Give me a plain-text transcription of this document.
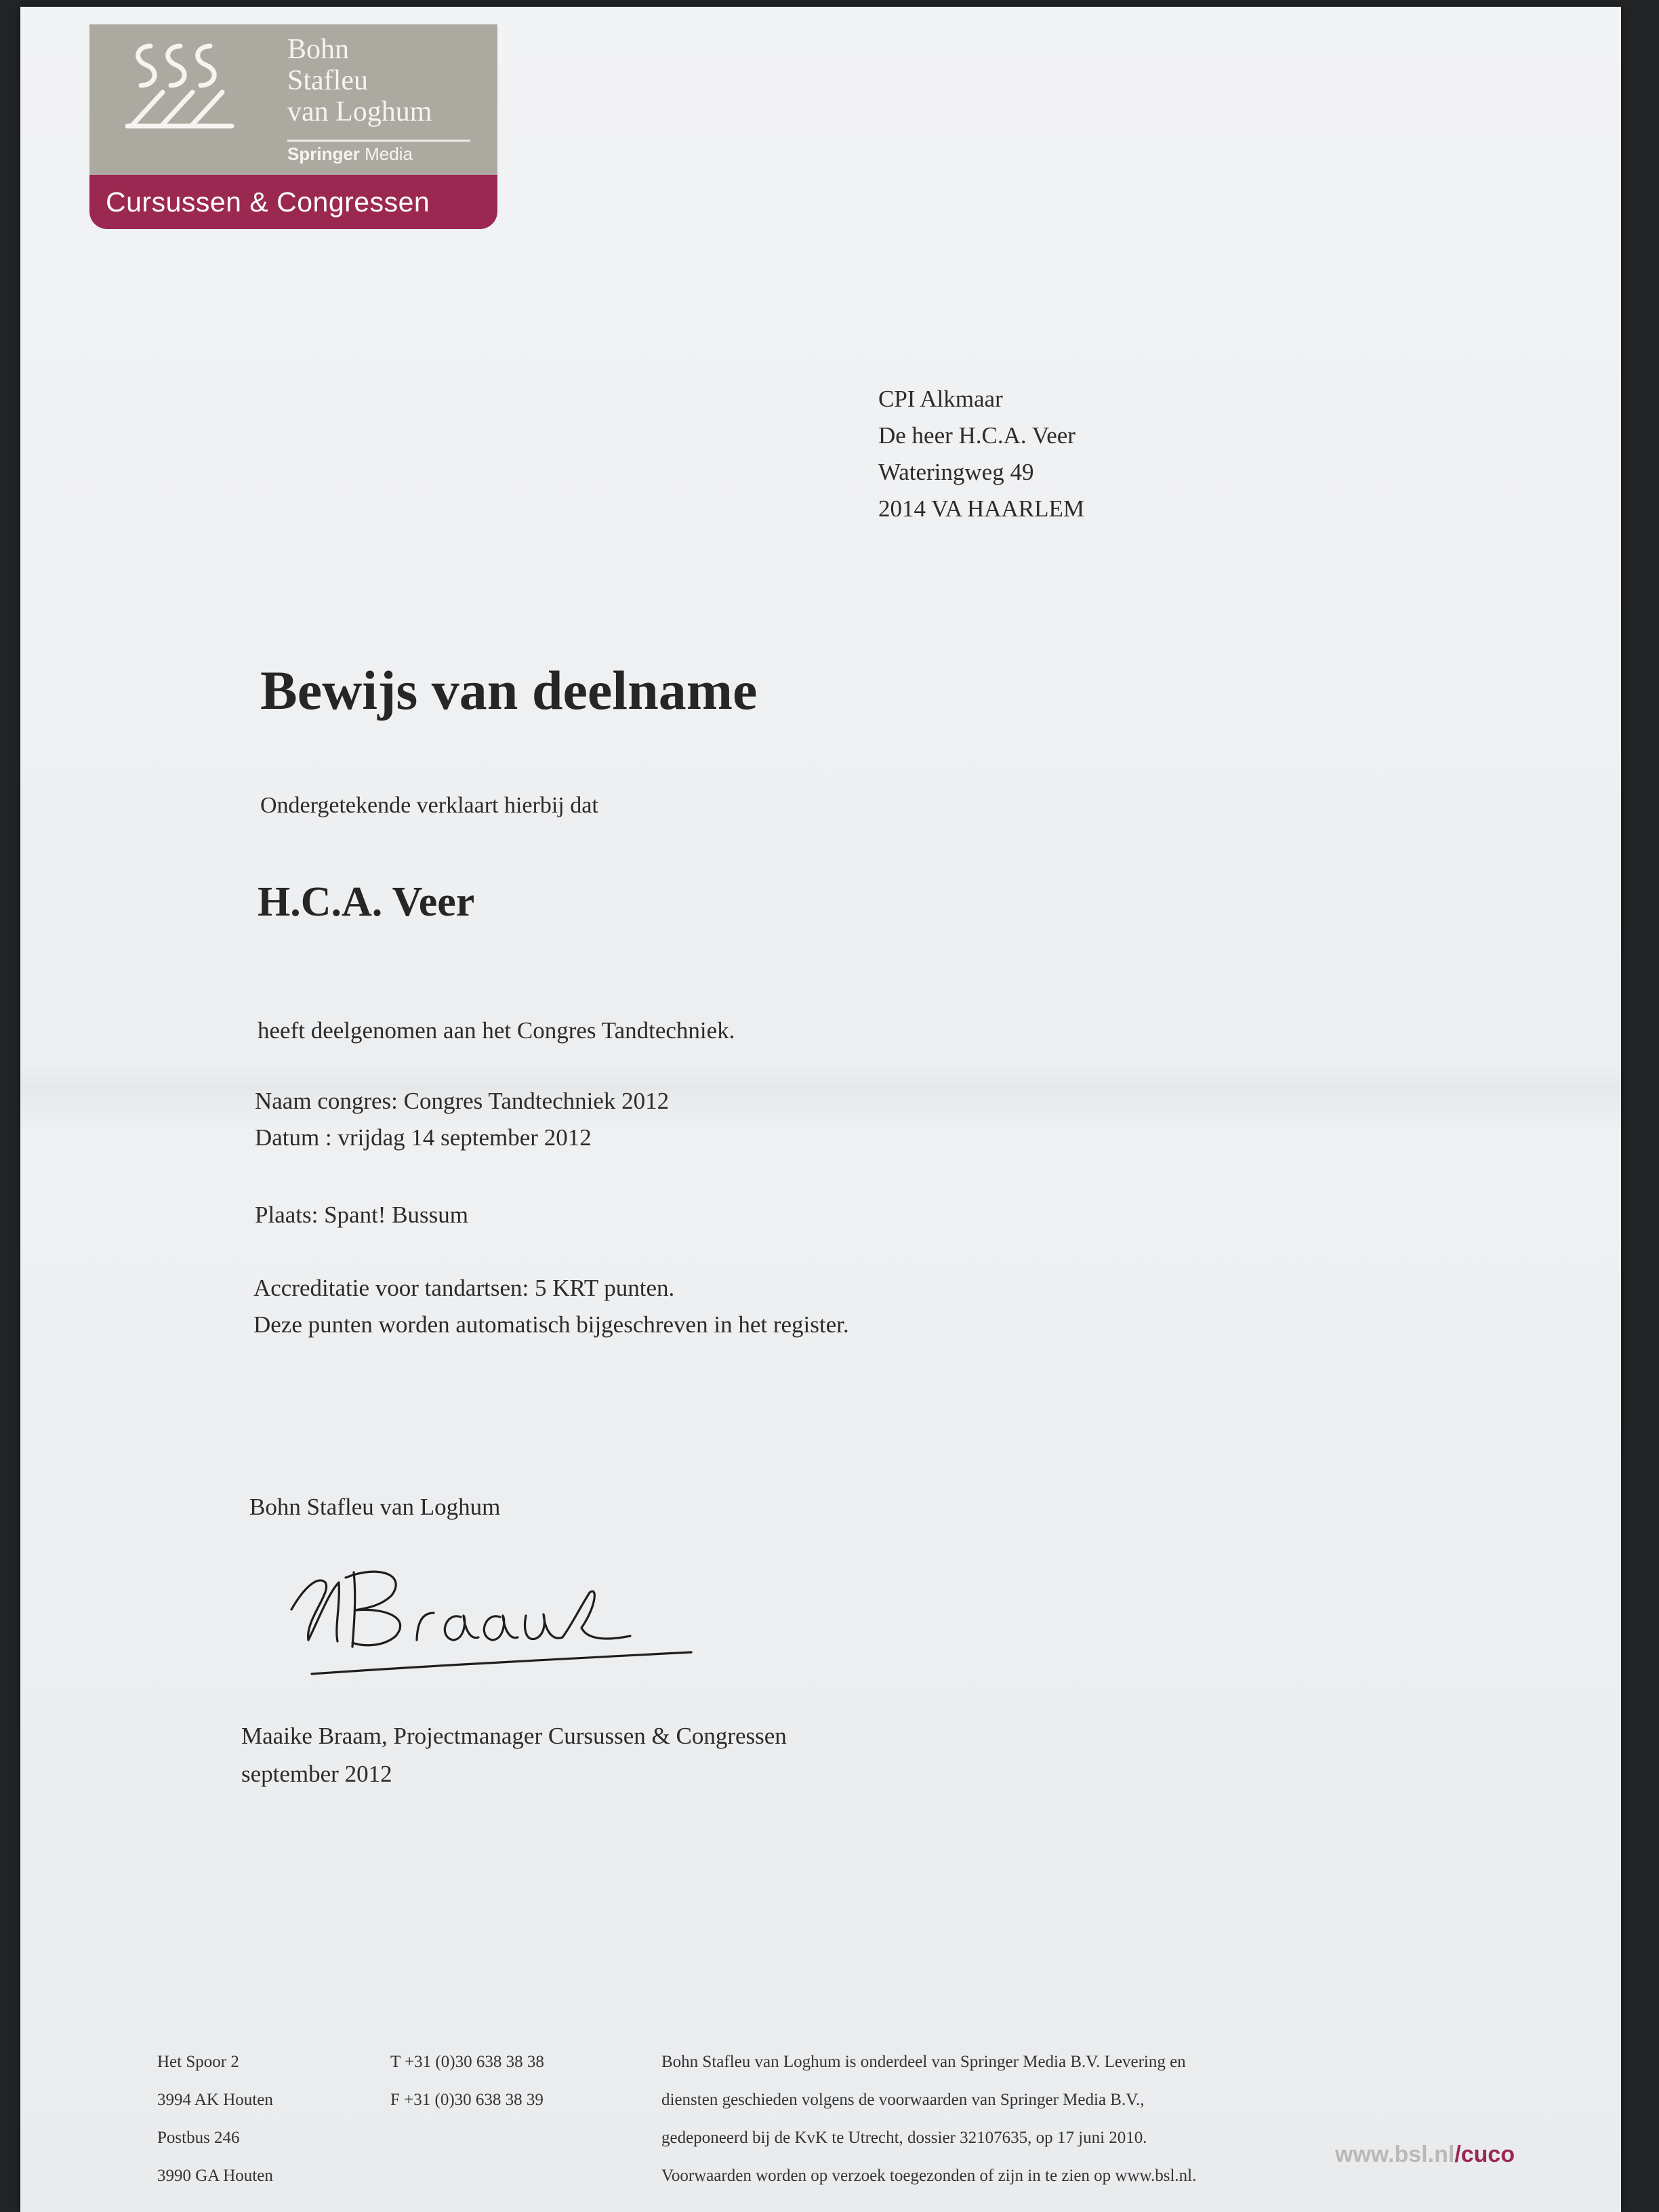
Bohn
Stafleu
van Loghum
Springer Media
Cursussen & Congressen
CPI Alkmaar
De heer H.C.A. Veer
Wateringweg 49
2014 VA HAARLEM
Bewijs van deelname
Ondergetekende verklaart hierbij dat
H.C.A. Veer
heeft deelgenomen aan het Congres Tandtechniek.
Naam congres: Congres Tandtechniek 2012
Datum : vrijdag 14 september 2012
Plaats: Spant! Bussum
Accreditatie voor tandartsen: 5 KRT punten.
Deze punten worden automatisch bijgeschreven in het register.
Bohn Stafleu van Loghum
Maaike Braam, Projectmanager Cursussen & Congressen
september 2012
Het Spoor 2
3994 AK Houten
Postbus 246
3990 GA Houten
T +31 (0)30 638 38 38
F +31 (0)30 638 38 39
Bohn Stafleu van Loghum is onderdeel van Springer Media B.V. Levering en
diensten geschieden volgens de voorwaarden van Springer Media B.V.,
gedeponeerd bij de KvK te Utrecht, dossier 32107635, op 17 juni 2010.
Voorwaarden worden op verzoek toegezonden of zijn in te zien op www.bsl.nl.
www.bsl.nl/cuco
